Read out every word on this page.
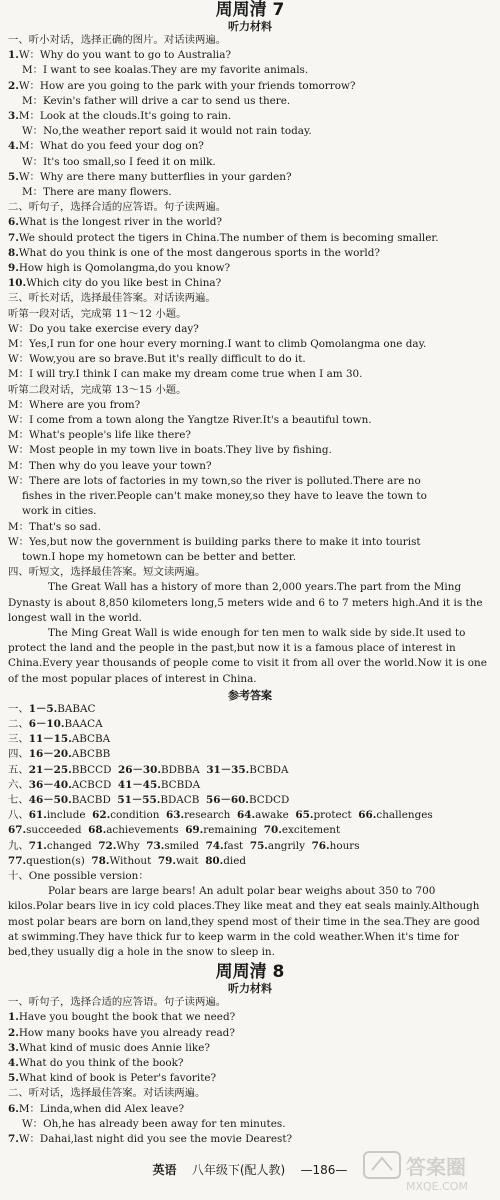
周周清 7
听力材料
一、听小对话，选择正确的图片。对话读两遍。
1.W：Why do you want to go to Australia?
M：I want to see koalas.They are my favorite animals.
2.W：How are you going to the park with your friends tomorrow?
M：Kevin's father will drive a car to send us there.
3.M：Look at the clouds.It's going to rain.
W：No,the weather report said it would not rain today.
4.M：What do you feed your dog on?
W：It's too small,so I feed it on milk.
5.W：Why are there many butterflies in your garden?
M：There are many flowers.
二、听句子，选择合适的应答语。句子读两遍。
6.What is the longest river in the world?
7.We should protect the tigers in China.The number of them is becoming smaller.
8.What do you think is one of the most dangerous sports in the world?
9.How high is Qomolangma,do you know?
10.Which city do you like best in China?
三、听长对话，选择最佳答案。对话读两遍。
听第一段对话，完成第 11～12 小题。
W：Do you take exercise every day?
M：Yes,I run for one hour every morning.I want to climb Qomolangma one day.
W：Wow,you are so brave.But it's really difficult to do it.
M：I will try.I think I can make my dream come true when I am 30.
听第二段对话，完成第 13～15 小题。
M：Where are you from?
W：I come from a town along the Yangtze River.It's a beautiful town.
M：What's people's life like there?
W：Most people in my town live in boats.They live by fishing.
M：Then why do you leave your town?
W：There are lots of factories in my town,so the river is polluted.There are no
fishes in the river.People can't make money,so they have to leave the town to
work in cities.
M：That's so sad.
W：Yes,but now the government is building parks there to make it into tourist
town.I hope my hometown can be better and better.
四、听短文，选择最佳答案。短文读两遍。
The Great Wall has a history of more than 2,000 years.The part from the Ming Dynasty is about 8,850 kilometers long,5 meters wide and 6 to 7 meters high.And it is the longest wall in the world.
The Ming Great Wall is wide enough for ten men to walk side by side.It used to protect the land and the people in the past,but now it is a famous place of interest in China.Every year thousands of people come to visit it from all over the world.Now it is one of the most popular places of interest in China.
参考答案
一、1－5.BABAC
二、6－10.BAACA
三、11－15.ABCBA
四、16－20.ABCBB
五、21－25.BBCCD 26－30.BDBBA 31－35.BCBDA
六、36－40.ACBCD 41－45.BCBDA
七、46－50.BACBD 51－55.BDACB 56－60.BCDCD
八、61.include 62.condition 63.research 64.awake 65.protect 66.challenges
67.succeeded 68.achievements 69.remaining 70.excitement
九、71.changed 72.Why 73.smiled 74.fast 75.angrily 76.hours
77.question(s) 78.Without 79.wait 80.died
十、One possible version：
Polar bears are large bears! An adult polar bear weighs about 350 to 700 kilos.Polar bears live in icy cold places.They like meat and they eat seals mainly.Although most polar bears are born on land,they spend most of their time in the sea.They are good at swimming.They have thick fur to keep warm in the cold weather.When it's time for bed,they usually dig a hole in the snow to sleep in.
周周清 8
听力材料
一、听句子，选择合适的应答语。句子读两遍。
1.Have you bought the book that we need?
2.How many books have you already read?
3.What kind of music does Annie like?
4.What do you think of the book?
5.What kind of book is Peter's favorite?
二、听对话，选择最佳答案。对话读两遍。
6.M：Linda,when did Alex leave?
W：Oh,he has already been away for ten minutes.
7.W：Dahai,last night did you see the movie Dearest?
英语 八年级下(配人教) —186—	答案圈
MXQE.COM
